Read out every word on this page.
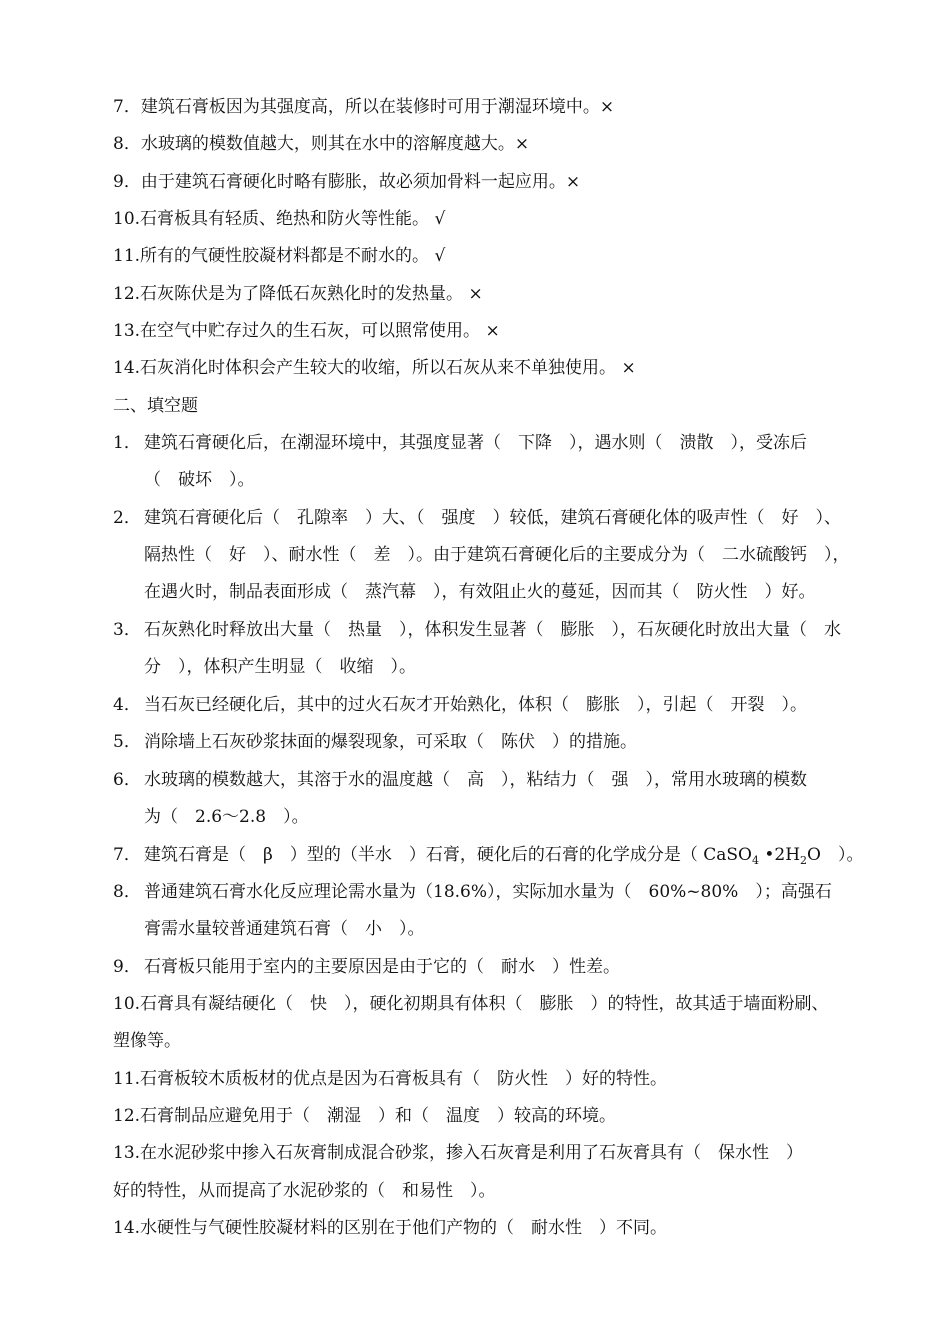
7．建筑石膏板因为其强度高，所以在装修时可用于潮湿环境中。×
8．水玻璃的模数值越大，则其在水中的溶解度越大。×
9．由于建筑石膏硬化时略有膨胀，故必须加骨料一起应用。×
10.石膏板具有轻质、绝热和防火等性能。 √
11.所有的气硬性胶凝材料都是不耐水的。 √
12.石灰陈伏是为了降低石灰熟化时的发热量。 ×
13.在空气中贮存过久的生石灰，可以照常使用。 ×
14.石灰消化时体积会产生较大的收缩，所以石灰从来不单独使用。 ×
二、填空题
1． 建筑石膏硬化后，在潮湿环境中，其强度显著（　下降　），遇水则（　溃散　），受冻后
（　破坏　）。
2． 建筑石膏硬化后（　孔隙率　）大、（　强度　）较低，建筑石膏硬化体的吸声性（　好　）、
隔热性（　好　）、耐水性（　差　）。由于建筑石膏硬化后的主要成分为（　二水硫酸钙　），
在遇火时，制品表面形成（　蒸汽幕　），有效阻止火的蔓延，因而其（　防火性　）好。
3． 石灰熟化时释放出大量（　热量　），体积发生显著（　膨胀　），石灰硬化时放出大量（　水
分　），体积产生明显（　收缩　）。
4． 当石灰已经硬化后，其中的过火石灰才开始熟化，体积（　膨胀　），引起（　开裂　）。
5． 消除墙上石灰砂浆抹面的爆裂现象，可采取（　陈伏　）的措施。
6． 水玻璃的模数越大，其溶于水的温度越（　高　），粘结力（　强　），常用水玻璃的模数
为（　2.6～2.8　）。
7． 建筑石膏是（　β　）型的（半水　）石膏，硬化后的石膏的化学成分是（ CaSO$_4$ $•2H_2O$　）。
8． 普通建筑石膏水化反应理论需水量为（18.6%），实际加水量为（　60%~80%　）；高强石
膏需水量较普通建筑石膏（　小　）。
9． 石膏板只能用于室内的主要原因是由于它的（　耐水　）性差。
10.石膏具有凝结硬化（　快　），硬化初期具有体积（　膨胀　）的特性，故其适于墙面粉刷、
塑像等。
11.石膏板较木质板材的优点是因为石膏板具有（　防火性　）好的特性。
12.石膏制品应避免用于（　潮湿　）和（　温度　）较高的环境。
13.在水泥砂浆中掺入石灰膏制成混合砂浆，掺入石灰膏是利用了石灰膏具有（　保水性　）
好的特性，从而提高了水泥砂浆的（　和易性　）。
14.水硬性与气硬性胶凝材料的区别在于他们产物的（　耐水性　）不同。
